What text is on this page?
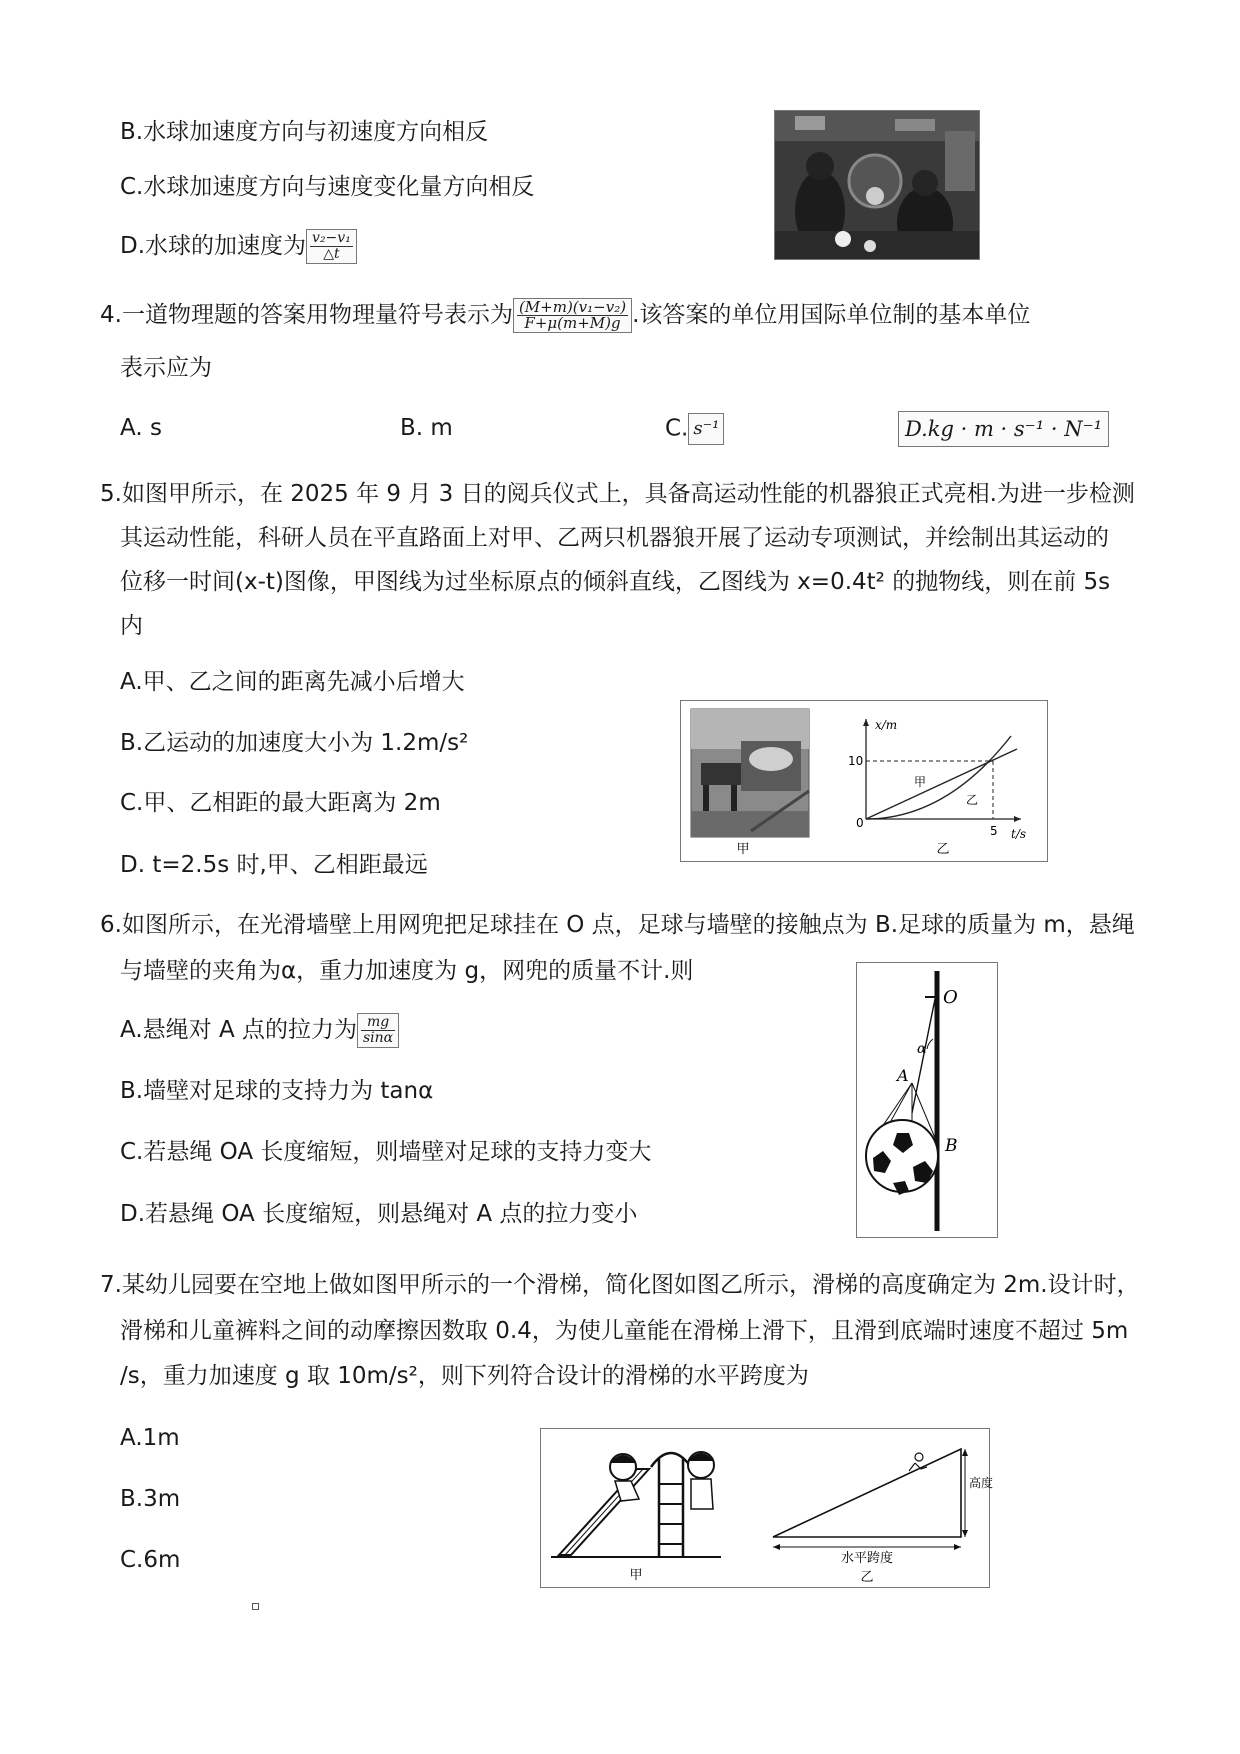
B.水球加速度方向与初速度方向相反
C.水球加速度方向与速度变化量方向相反
D.水球的加速度为 $\frac{\text{v₂−v₁}}{\triangle t}$
4.一道物理题的答案用物理量符号表示为 $\frac{\text{(M+m)(v₁−v₂)}}{F+\mu(m+M)g}$ .该答案的单位用国际单位制的基本单位
表示应为
A. s	B. m	C. s⁻¹	D.kg · m · s⁻¹ · N⁻¹
5.如图甲所示，在 2025 年 9 月 3 日的阅兵仪式上，具备高运动性能的机器狼正式亮相.为进一步检测
其运动性能，科研人员在平直路面上对甲、乙两只机器狼开展了运动专项测试，并绘制出其运动的
位移一时间(x-t)图像，甲图线为过坐标原点的倾斜直线，乙图线为 x=0.4t² 的抛物线，则在前 5s
内
A.甲、乙之间的距离先减小后增大
B.乙运动的加速度大小为 1.2m/s²
C.甲、乙相距的最大距离为 2m
D. t=2.5s 时,甲、乙相距最远
甲
x/m
t/s
10
0
5
甲
乙
乙
6.如图所示，在光滑墙壁上用网兜把足球挂在 O 点，足球与墙壁的接触点为 B.足球的质量为 m，悬绳
与墙壁的夹角为α，重力加速度为 g，网兜的质量不计.则
A.悬绳对 A 点的拉力为 $\frac{mg}{\sin\alpha}$
B.墙壁对足球的支持力为 tanα
C.若悬绳 OA 长度缩短，则墙壁对足球的支持力变大
D.若悬绳 OA 长度缩短，则悬绳对 A 点的拉力变小
O
α
A
B
7.某幼儿园要在空地上做如图甲所示的一个滑梯，简化图如图乙所示，滑梯的高度确定为 2m.设计时，
滑梯和儿童裤料之间的动摩擦因数取 0.4，为使儿童能在滑梯上滑下，且滑到底端时速度不超过 5m
/s，重力加速度 g 取 10m/s²，则下列符合设计的滑梯的水平跨度为
A.1m
B.3m
C.6m
甲
高度
水平跨度
乙
